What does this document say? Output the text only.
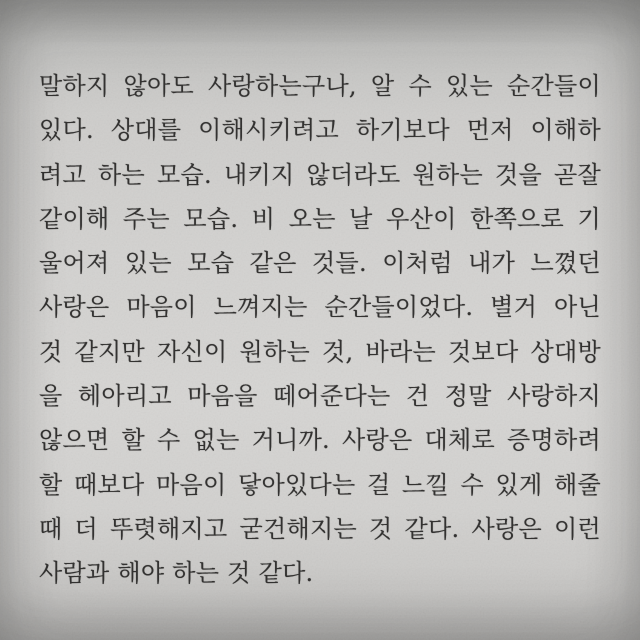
말하지 않아도 사랑하는구나, 알 수 있는 순간들이
있다. 상대를 이해시키려고 하기보다 먼저 이해하
려고 하는 모습. 내키지 않더라도 원하는 것을 곧잘
같이해 주는 모습. 비 오는 날 우산이 한쪽으로 기
울어져 있는 모습 같은 것들. 이처럼 내가 느꼈던
사랑은 마음이 느껴지는 순간들이었다. 별거 아닌
것 같지만 자신이 원하는 것, 바라는 것보다 상대방
을 헤아리고 마음을 떼어준다는 건 정말 사랑하지
않으면 할 수 없는 거니까. 사랑은 대체로 증명하려
할 때보다 마음이 닿아있다는 걸 느낄 수 있게 해줄
때 더 뚜렷해지고 굳건해지는 것 같다. 사랑은 이런
사람과 해야 하는 것 같다.
